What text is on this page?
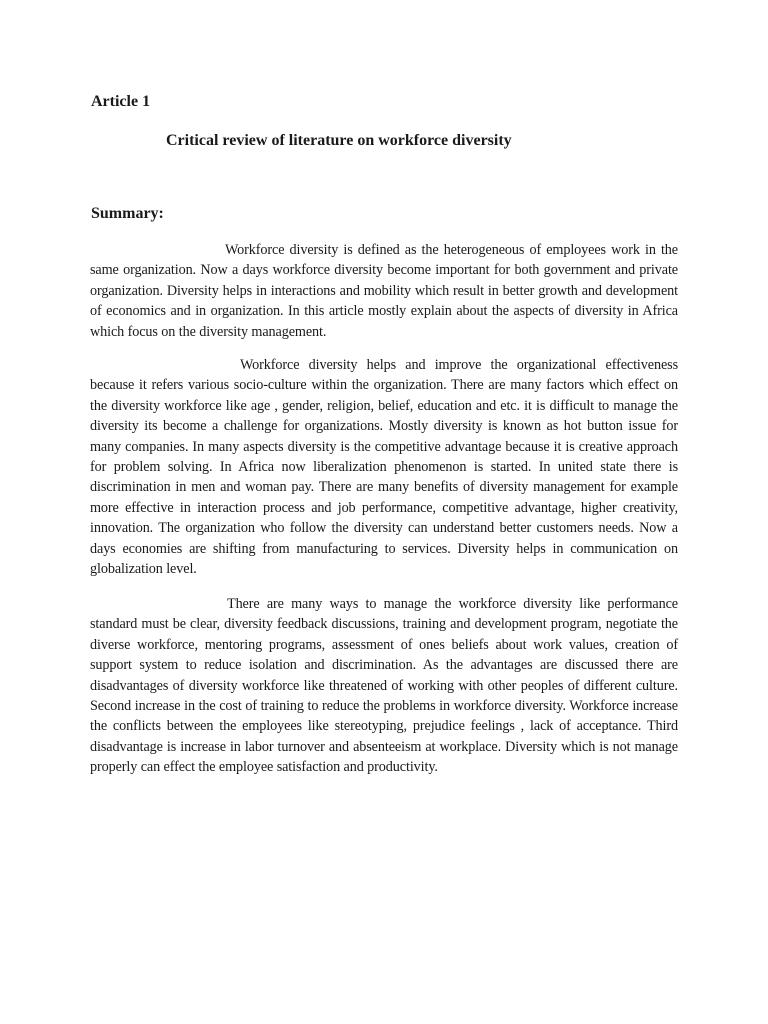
Article 1
Critical review of literature on workforce diversity
Summary:

Workforce diversity is defined as the heterogeneous of employees work in the same organization. Now a days workforce diversity become important for both government and private organization. Diversity helps in interactions and mobility which result in better growth and development of economics and in organization. In this article mostly explain about the aspects of diversity in Africa which focus on the diversity management.

Workforce diversity helps and improve the organizational effectiveness because it refers various socio-culture within the organization. There are many factors which effect on the diversity workforce like age , gender, religion, belief, education and etc. it is difficult to manage the diversity its become a challenge for organizations. Mostly diversity is known as hot button issue for many companies. In many aspects diversity is the competitive advantage because it is creative approach for problem solving. In Africa now liberalization phenomenon is started. In united state there is discrimination in men and woman pay. There are many benefits of diversity management for example more effective in interaction process and job performance, competitive advantage, higher creativity, innovation. The organization who follow the diversity can understand better customers needs. Now a days economies are shifting from manufacturing to services. Diversity helps in communication on globalization level.

There are many ways to manage the workforce diversity like performance standard must be clear, diversity feedback discussions, training and development program, negotiate the diverse workforce, mentoring programs, assessment of ones beliefs about work values, creation of support system to reduce isolation and discrimination. As the advantages are discussed there are disadvantages of diversity workforce like threatened of working with other peoples of different culture. Second increase in the cost of training to reduce the problems in workforce diversity. Workforce increase the conflicts between the employees like stereotyping, prejudice feelings , lack of acceptance. Third disadvantage is increase in labor turnover and absenteeism at workplace. Diversity which is not manage properly can effect the employee satisfaction and productivity.
